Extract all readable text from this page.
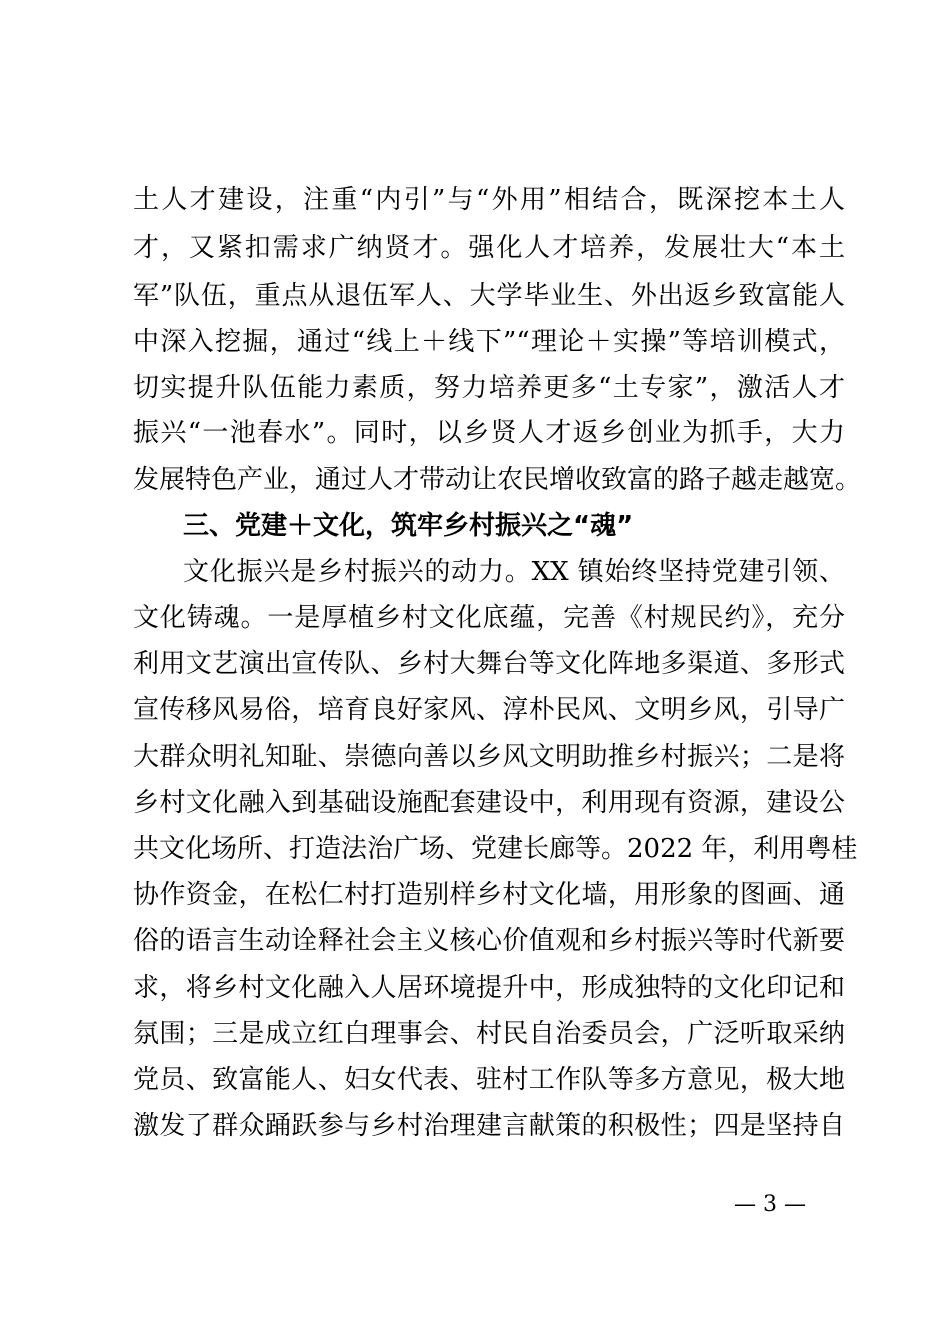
土人才建设，注重“内引”与“外用”相结合，既深挖本土人
才，又紧扣需求广纳贤才。强化人才培养，发展壮大“本土
军”队伍，重点从退伍军人、大学毕业生、外出返乡致富能人
中深入挖掘，通过“线上＋线下”“理论＋实操”等培训模式，
切实提升队伍能力素质，努力培养更多“土专家”，激活人才
振兴“一池春水”。同时，以乡贤人才返乡创业为抓手，大力
发展特色产业，通过人才带动让农民增收致富的路子越走越宽。
三、党建＋文化，筑牢乡村振兴之“魂”
文化振兴是乡村振兴的动力。XX 镇始终坚持党建引领、
文化铸魂。一是厚植乡村文化底蕴，完善《村规民约》，充分
利用文艺演出宣传队、乡村大舞台等文化阵地多渠道、多形式
宣传移风易俗，培育良好家风、淳朴民风、文明乡风，引导广
大群众明礼知耻、崇德向善以乡风文明助推乡村振兴；二是将
乡村文化融入到基础设施配套建设中，利用现有资源，建设公
共文化场所、打造法治广场、党建长廊等。2022 年，利用粤桂
协作资金，在松仁村打造别样乡村文化墙，用形象的图画、通
俗的语言生动诠释社会主义核心价值观和乡村振兴等时代新要
求，将乡村文化融入人居环境提升中，形成独特的文化印记和
氛围；三是成立红白理事会、村民自治委员会，广泛听取采纳
党员、致富能人、妇女代表、驻村工作队等多方意见，极大地
激发了群众踊跃参与乡村治理建言献策的积极性；四是坚持自
— 3 —
